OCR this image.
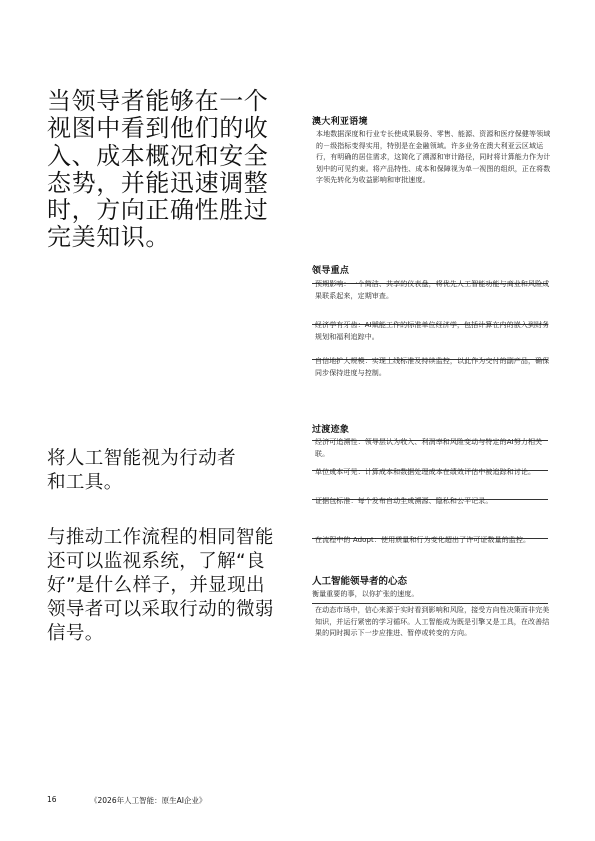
当领导者能够在一个视图中看到他们的收入、成本概况和安全态势，并能迅速调整时，方向正确性胜过完美知识。
将人工智能视为行动者和工具。
与推动工作流程的相同智能还可以监视系统，了解“良好”是什么样子，并显现出领导者可以采取行动的微弱信号。
澳大利亚语境
本地数据深度和行业专长使成果服务、零售、能源、资源和医疗保健等领域的－级指标变得实用，特别是在金融领域。许多业务在澳大利亚云区域运行，有明确的居住需求，这简化了溯源和审计路径，同时将计算能力作为计划中的可见约束。将产品特性、成本和保障视为单一视图的组织，正在将数字领先转化为收益影响和审批速度。
领导重点
预期影响：一个简洁、共享的仪表盘，将优先人工智能功能与商业和风险成果联系起来，定期审查。
经济学有牙齿：AI赋能工作的标准单位经济学，包括计算在内的嵌入到财务规划和福利追踪中。
自信地扩大规模：实现上线标准及持续监控，以此作为交付的副产品，确保同步保持进度与控制。
过渡迹象
经济可追溯性：领导层认为收入、利润率和风险变动与特定的AI努力相关联。
单位成本可见：计算成本和数据处理成本在绩效评估中被追踪和讨论。
证据包标准：每个发布自动生成溯源、隐私和公平记录。
在流程中的 Adopt：使用质量和行为变化超出了许可证数量的监控。
人工智能领导者的心态
衡量重要的事，以你扩张的速度。
在动态市场中，信心来源于实时看到影响和风险，接受方向性决策而非完美知识，并运行紧密的学习循环。人工智能成为既是引擎又是工具，在改善结果的同时揭示下一步应推进、暂停或转变的方向。
16	《2026年人工智能：原生AI企业》
